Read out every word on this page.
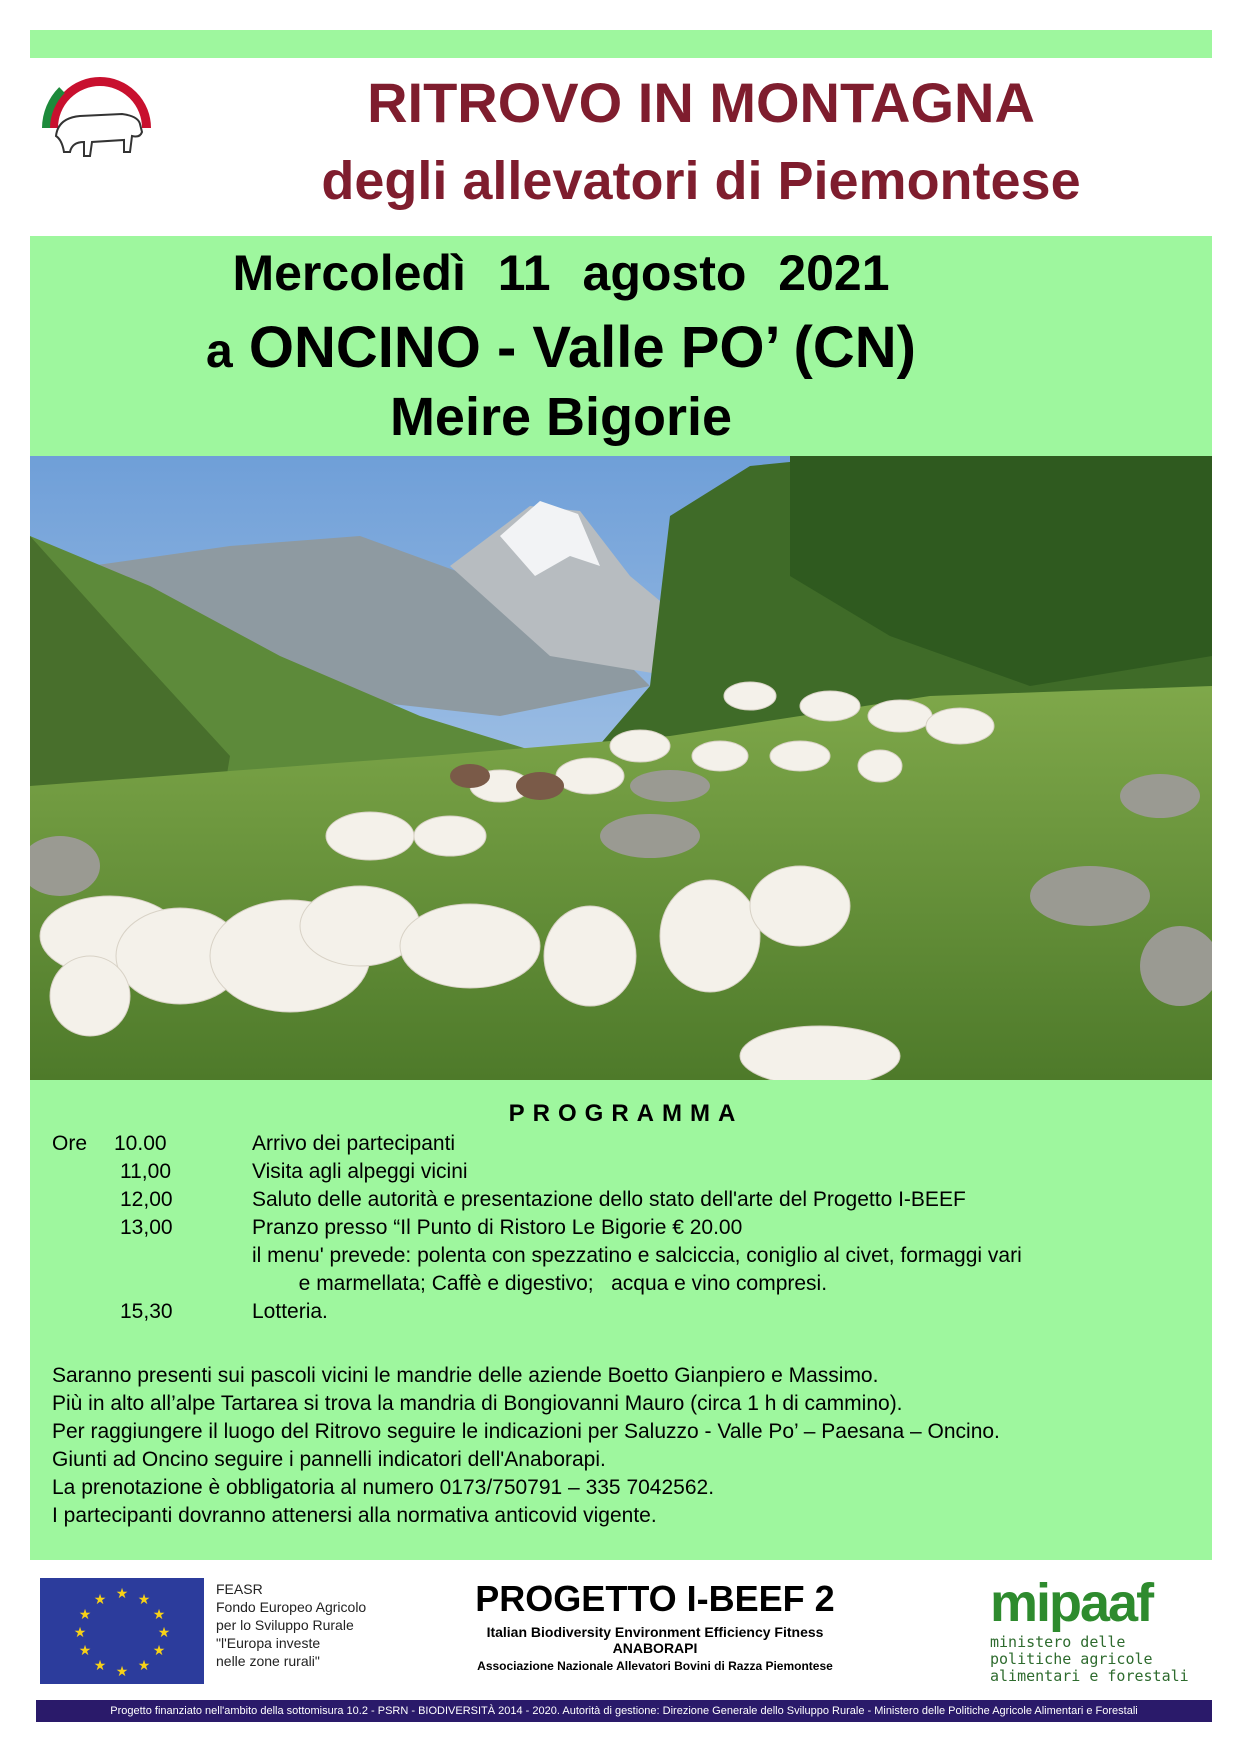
RITROVO IN MONTAGNA
degli allevatori di Piemontese
Mercoledì 11 agosto 2021
a ONCINO - Valle PO’ (CN)
Meire Bigorie
PROGRAMMA
Ore 10.00	Arrivo dei partecipanti
11,00	Visita agli alpeggi vicini
12,00	Saluto delle autorità e presentazione dello stato dell'arte del Progetto I-BEEF
13,00	Pranzo presso “Il Punto di Ristoro Le Bigorie € 20.00
il menu' prevede: polenta con spezzatino e salciccia, coniglio al civet, formaggi vari
e marmellata; Caffè e digestivo;   acqua e vino compresi.
15,30	Lotteria.
Saranno presenti sui pascoli vicini le mandrie delle aziende Boetto Gianpiero e Massimo.
Più in alto all’alpe Tartarea si trova la mandria di Bongiovanni Mauro (circa 1 h di cammino).
Per raggiungere il luogo del Ritrovo seguire le indicazioni per Saluzzo - Valle Po’ – Paesana – Oncino.
Giunti ad Oncino seguire i pannelli indicatori dell'Anaborapi.
La prenotazione è obbligatoria al numero 0173/750791 – 335 7042562.
I partecipanti dovranno attenersi alla normativa anticovid vigente.
★ ★
★
★
★
★
★
★
★
★
★
★
FEASR
Fondo Europeo Agricolo
per lo Sviluppo Rurale
"l'Europa investe
nelle zone rurali"
PROGETTO I-BEEF 2
Italian Biodiversity Environment Efficiency Fitness
ANABORAPI
Associazione Nazionale Allevatori Bovini di Razza Piemontese
mipaaf
ministero delle
politiche agricole
alimentari e forestali
Progetto finanziato nell'ambito della sottomisura 10.2 - PSRN - BIODIVERSITÀ 2014 - 2020. Autorità di gestione: Direzione Generale dello Sviluppo Rurale - Ministero delle Politiche Agricole Alimentari e Forestali
